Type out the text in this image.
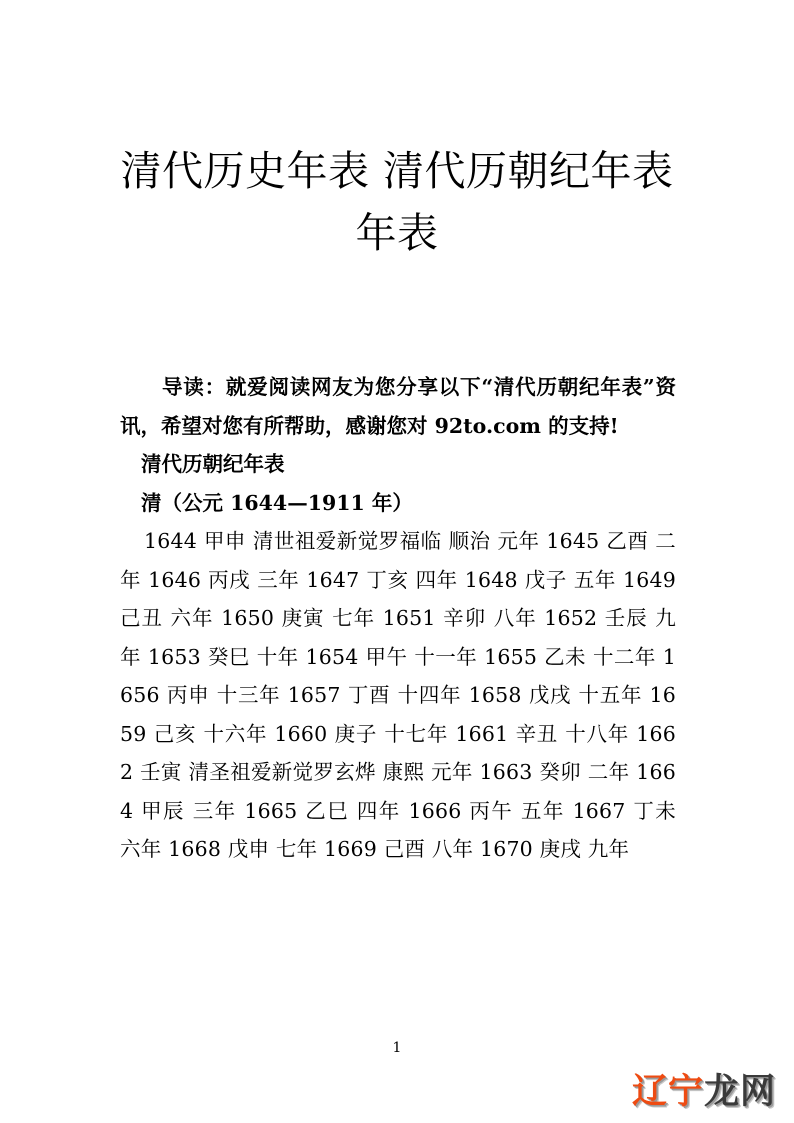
清代历史年表 清代历朝纪年表
年表

导读：就爱阅读网友为您分享以下“清代历朝纪年表”资讯，希望对您有所帮助，感谢您对 92to.com 的支持!

清代历朝纪年表

清（公元 1644—1911 年）

1644 甲申 清世祖爱新觉罗福临 顺治 元年 1645 乙酉 二年 1646 丙戌 三年 1647 丁亥 四年 1648 戊子 五年 1649 己丑 六年 1650 庚寅 七年 1651 辛卯 八年 1652 壬辰 九年 1653 癸巳 十年 1654 甲午 十一年 1655 乙未 十二年 1656 丙申 十三年 1657 丁酉 十四年 1658 戊戌 十五年 1659 己亥 十六年 1660 庚子 十七年 1661 辛丑 十八年 1662 壬寅 清圣祖爱新觉罗玄烨 康熙 元年 1663 癸卯 二年 1664 甲辰 三年 1665 乙巳 四年 1666 丙午 五年 1667 丁未 六年 1668 戊申 七年 1669 己酉 八年 1670 庚戌 九年

1
辽宁龙网
